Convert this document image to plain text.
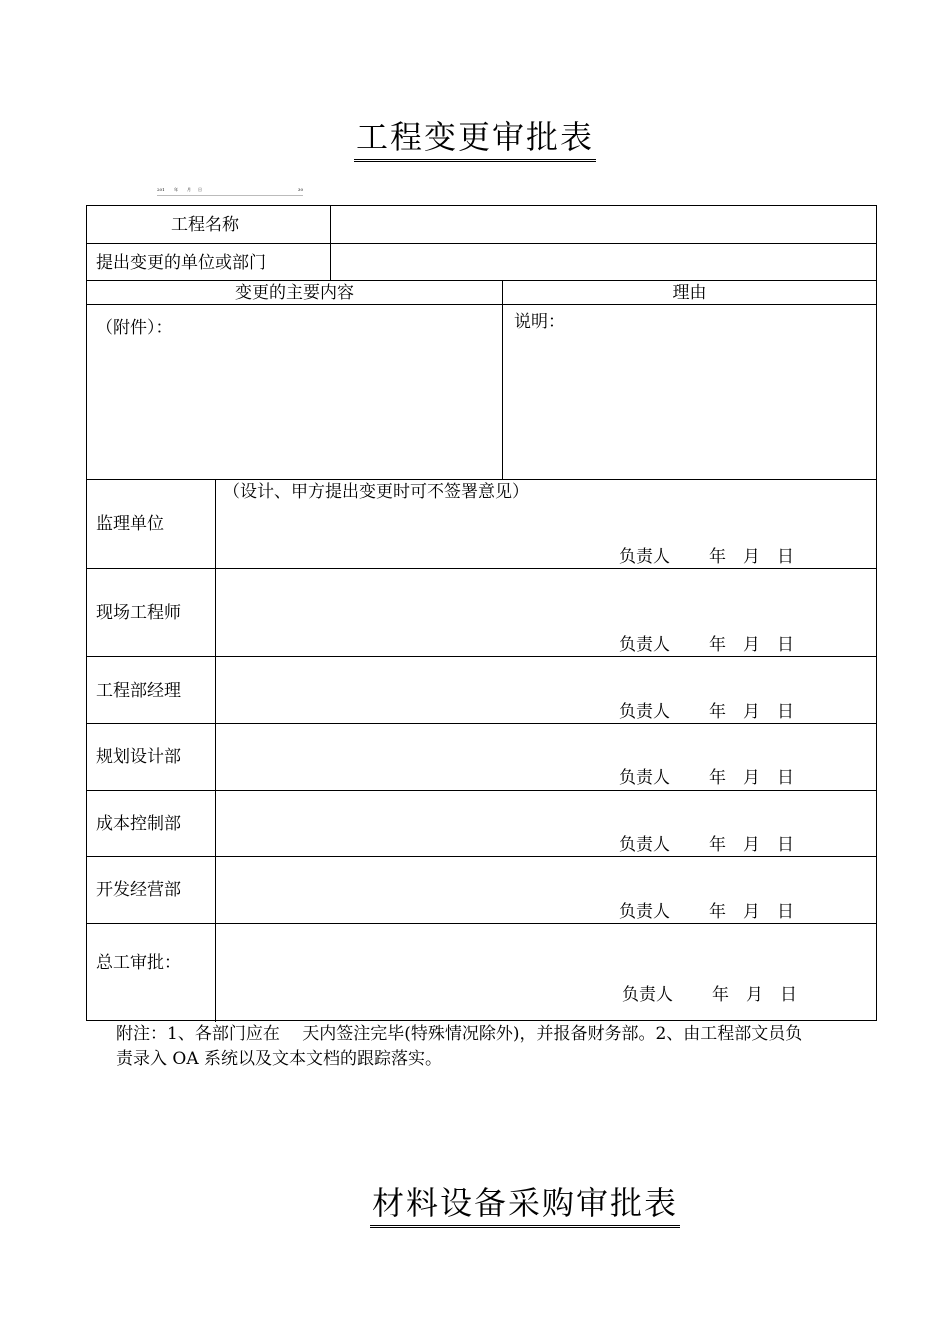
工程变更审批表
201 年 月 日	30
工程名称
提出变更的单位或部门
变更的主要内容	理由
（附件）：	说明：
监理单位
（设计、甲方提出变更时可不签署意见）
负责人 年 月 日
现场工程师
负责人 年 月 日
工程部经理
负责人 年 月 日
规划设计部
负责人 年 月 日
成本控制部
负责人 年 月 日
开发经营部
负责人 年 月 日
总工审批：
负责人 年 月 日
附注：1、各部门应在　 天内签注完毕(特殊情况除外)，并报备财务部。2、由工程部文员负
责录入 OA 系统以及文本文档的跟踪落实。
材料设备采购审批表
